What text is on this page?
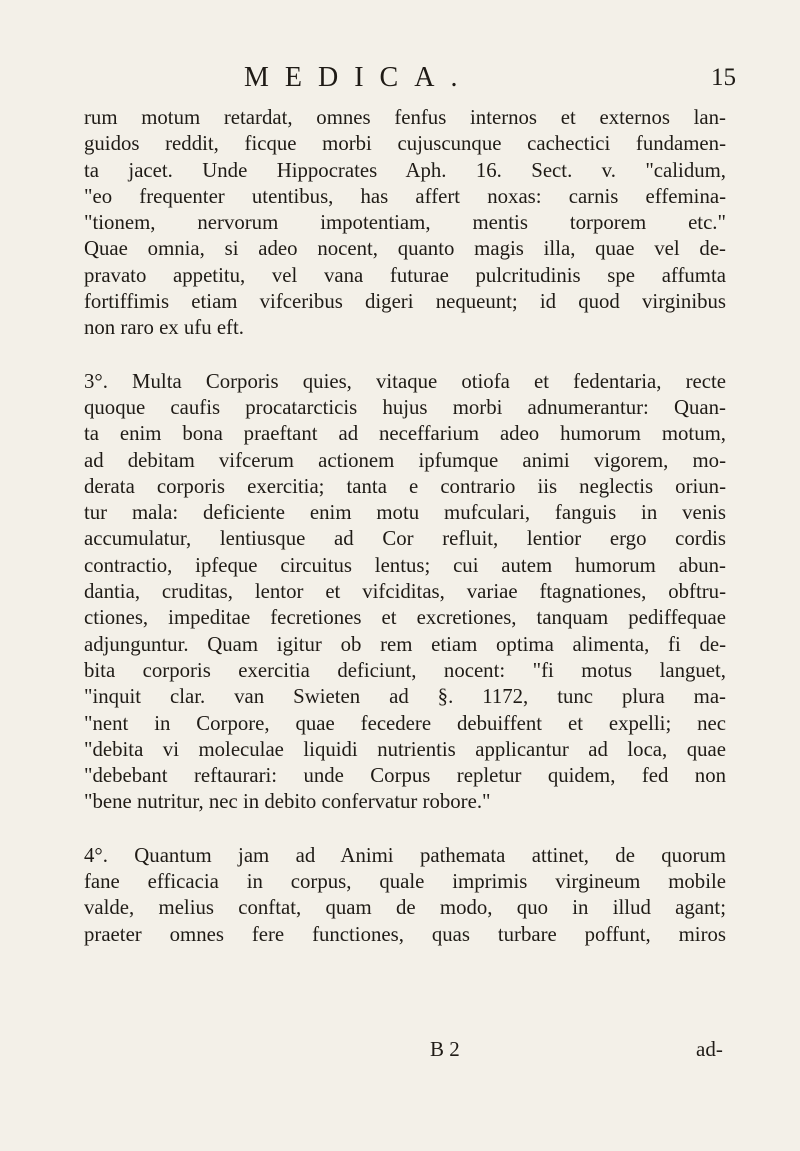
MEDICA.	15
rum motum retardat, omnes fenfus internos et externos lan-
guidos reddit, ficque morbi cujuscunque cachectici fundamen-
ta jacet. Unde Hippocrates Aph. 16. Sect. v. "calidum,
"eo frequenter utentibus, has affert noxas: carnis effemina-
"tionem, nervorum impotentiam, mentis torporem etc."
Quae omnia, si adeo nocent, quanto magis illa, quae vel de-
pravato appetitu, vel vana futurae pulcritudinis spe affumta
fortiffimis etiam vifceribus digeri nequeunt; id quod virginibus
non raro ex ufu eft.
3°. Multa Corporis quies, vitaque otiofa et fedentaria, recte
quoque caufis procatarcticis hujus morbi adnumerantur: Quan-
ta enim bona praeftant ad neceffarium adeo humorum motum,
ad debitam vifcerum actionem ipfumque animi vigorem, mo-
derata corporis exercitia; tanta e contrario iis neglectis oriun-
tur mala: deficiente enim motu mufculari, fanguis in venis
accumulatur, lentiusque ad Cor refluit, lentior ergo cordis
contractio, ipfeque circuitus lentus; cui autem humorum abun-
dantia, cruditas, lentor et vifciditas, variae ftagnationes, obftru-
ctiones, impeditae fecretiones et excretiones, tanquam pediffequae
adjunguntur. Quam igitur ob rem etiam optima alimenta, fi de-
bita corporis exercitia deficiunt, nocent: "fi motus languet,
"inquit clar. van Swieten ad §. 1172, tunc plura ma-
"nent in Corpore, quae fecedere debuiffent et expelli; nec
"debita vi moleculae liquidi nutrientis applicantur ad loca, quae
"debebant reftaurari: unde Corpus repletur quidem, fed non
"bene nutritur, nec in debito confervatur robore."
4°. Quantum jam ad Animi pathemata attinet, de quorum
fane efficacia in corpus, quale imprimis virgineum mobile
valde, melius conftat, quam de modo, quo in illud agant;
praeter omnes fere functiones, quas turbare poffunt, miros
B 2	ad-
